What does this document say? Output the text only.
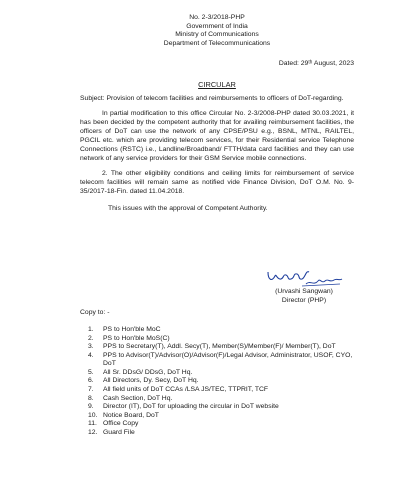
No. 2-3/2018-PHP
Government of India
Ministry of Communications
Department of Telecommunications
Dated: 29ᵗʰ August, 2023
CIRCULAR
Subject: Provision of telecom facilities and reimbursements to officers of DoT-regarding.
In partial modification to this office Circular No. 2-3/2008-PHP dated 30.03.2021, it has been decided by the competent authority that for availing reimbursement facilities, the officers of DoT can use the network of any CPSE/PSU e.g., BSNL, MTNL, RAILTEL, PGCIL etc. which are providing telecom services, for their Residential service Telephone Connections (RSTC) i.e., Landline/Broadband/ FTTH/data card facilities and they can use network of any service providers for their GSM Service mobile connections.
2. The other eligibility conditions and ceiling limits for reimbursement of service telecom facilities will remain same as notified vide Finance Division, DoT O.M. No. 9-35/2017-18-Fin. dated 11.04.2018.
This issues with the approval of Competent Authority.
(Urvashi Sangwan)
Director (PHP)
Copy to: -
1.	PS to Hon'ble MoC
2.	PS to Hon'ble MoS(C)
3.	PPS to Secretary(T), Addl. Secy(T), Member(S)/Member(F)/ Member(T), DoT
4.	PPS to Advisor(T)/Advisor(O)/Advisor(F)/Legal Advisor, Administrator, USOF, CYO, DoT
5.	All Sr. DDsG/ DDsG, DoT Hq.
6.	All Directors, Dy. Secy, DoT Hq.
7.	All field units of DoT CCAs /LSA JS/TEC, TTPRIT, TCF
8.	Cash Section, DoT Hq.
9.	Director (IT), DoT for uploading the circular in DoT website
10. Notice Board, DoT
11. Office Copy
12. Guard File
